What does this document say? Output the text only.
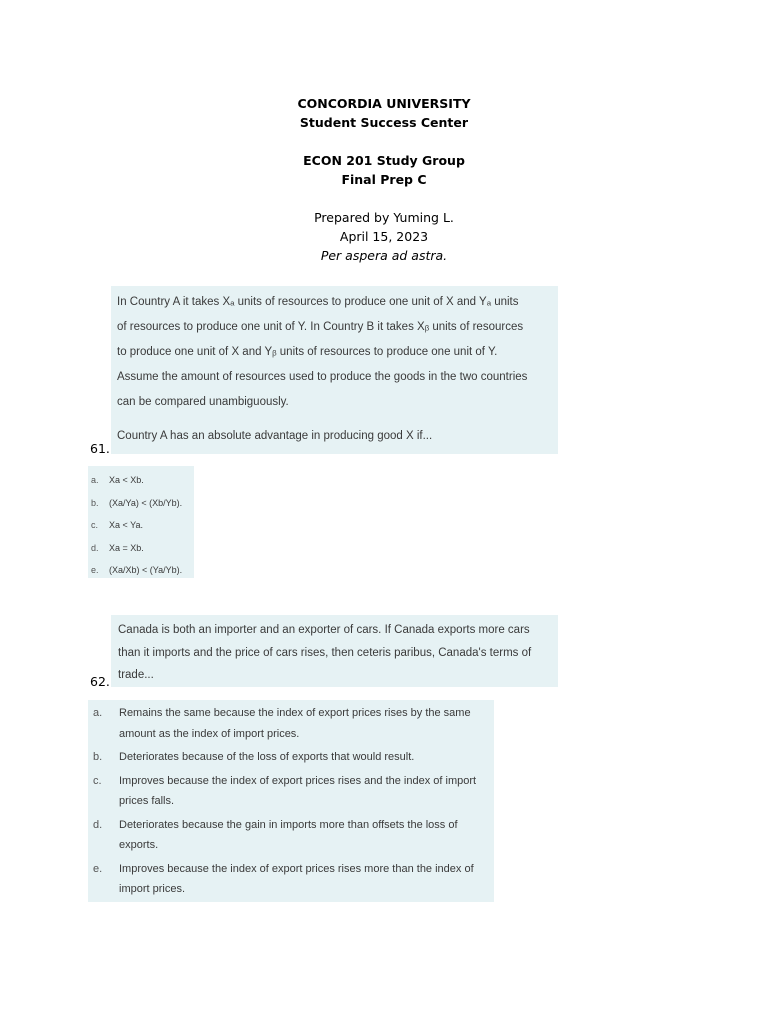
CONCORDIA UNIVERSITY
Student Success Center
ECON 201 Study Group
Final Prep C
Prepared by Yuming L.
April 15, 2023
Per aspera ad astra.
In Country A it takes Xₐ units of resources to produce one unit of X and Yₐ units
of resources to produce one unit of Y. In Country B it takes Xᵦ units of resources
to produce one unit of X and Yᵦ units of resources to produce one unit of Y.
Assume the amount of resources used to produce the goods in the two countries
can be compared unambiguously.
Country A has an absolute advantage in producing good X if...
61.
a.	Xa < Xb.
b.	(Xa/Ya) < (Xb/Yb).
c.	Xa < Ya.
d.	Xa = Xb.
e.	(Xa/Xb) < (Ya/Yb).
Canada is both an importer and an exporter of cars. If Canada exports more cars
than it imports and the price of cars rises, then ceteris paribus, Canada's terms of
trade...
62.
a.	Remains the same because the index of export prices rises by the same amount as the index of import prices.
b.	Deteriorates because of the loss of exports that would result.
c.	Improves because the index of export prices rises and the index of import prices falls.
d.	Deteriorates because the gain in imports more than offsets the loss of exports.
e.	Improves because the index of export prices rises more than the index of import prices.
